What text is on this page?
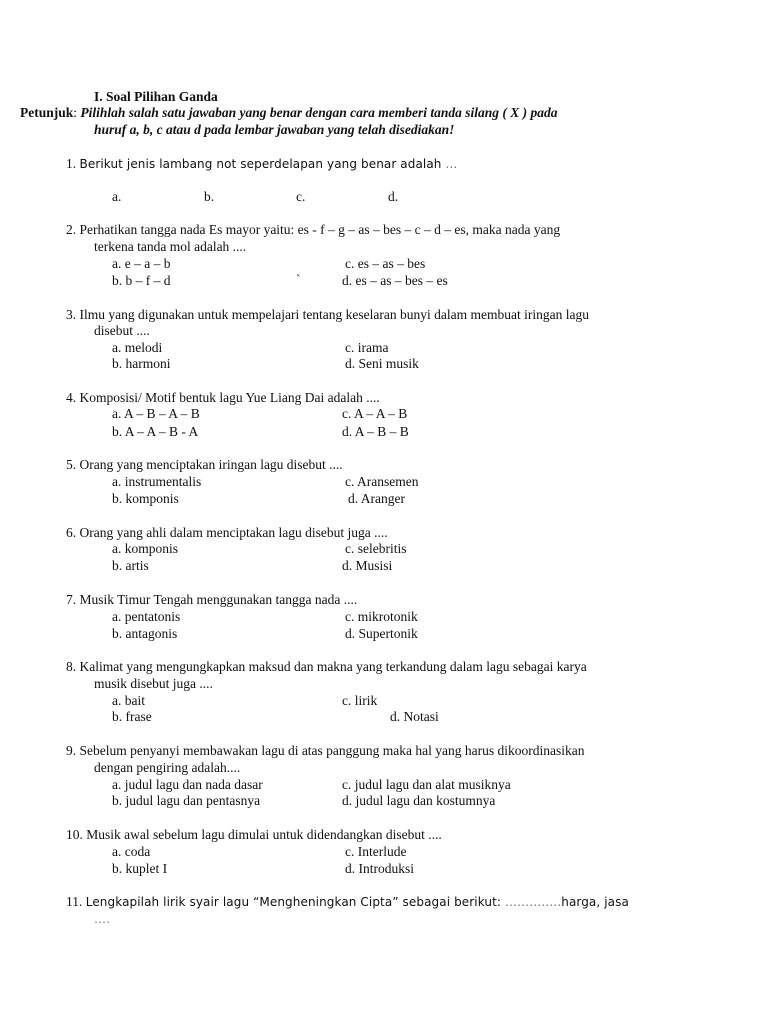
I. Soal Pilihan Ganda
Petunjuk: Pilihlah salah satu jawaban yang benar dengan cara memberi tanda silang ( X ) pada
huruf a, b, c atau d pada lembar jawaban yang telah disediakan!
1. Berikut jenis lambang not seperdelapan yang benar adalah …
a.	b.	c.	d.
2. Perhatikan tangga nada Es mayor yaitu: es - f – g – as – bes – c – d – es, maka nada yang
terkena tanda mol adalah ....
a. e – a – b
b. b – f – d
c. es – as – bes
`	d. es – as – bes – es
3. Ilmu yang digunakan untuk mempelajari tentang keselaran bunyi dalam membuat iringan lagu
disebut ....
a. melodi
b. harmoni
c. irama
d. Seni musik
4. Komposisi/ Motif bentuk lagu Yue Liang Dai adalah ....
a. A – B – A – B
b. A – A – B - A
c. A – A – B
d. A – B – B
5. Orang yang menciptakan iringan lagu disebut ....
a. instrumentalis
b. komponis
c. Aransemen
d. Aranger
6. Orang yang ahli dalam menciptakan lagu disebut juga ....
a. komponis
b. artis
c. selebritis
d. Musisi
7. Musik Timur Tengah menggunakan tangga nada ....
a. pentatonis
b. antagonis
c. mikrotonik
d. Supertonik
8. Kalimat yang mengungkapkan maksud dan makna yang terkandung dalam lagu sebagai karya
musik disebut juga ....
a. bait
b. frase
c. lirik
d. Notasi
9. Sebelum penyanyi membawakan lagu di atas panggung maka hal yang harus dikoordinasikan
dengan pengiring adalah....
a. judul lagu dan nada dasar
b. judul lagu dan pentasnya
c. judul lagu dan alat musiknya
d. judul lagu dan kostumnya
10. Musik awal sebelum lagu dimulai untuk didendangkan disebut ....
a. coda
b. kuplet I
c. Interlude
d. Introduksi
11. Lengkapilah lirik syair lagu “Mengheningkan Cipta” sebagai berikut: …………..harga, jasa
….
